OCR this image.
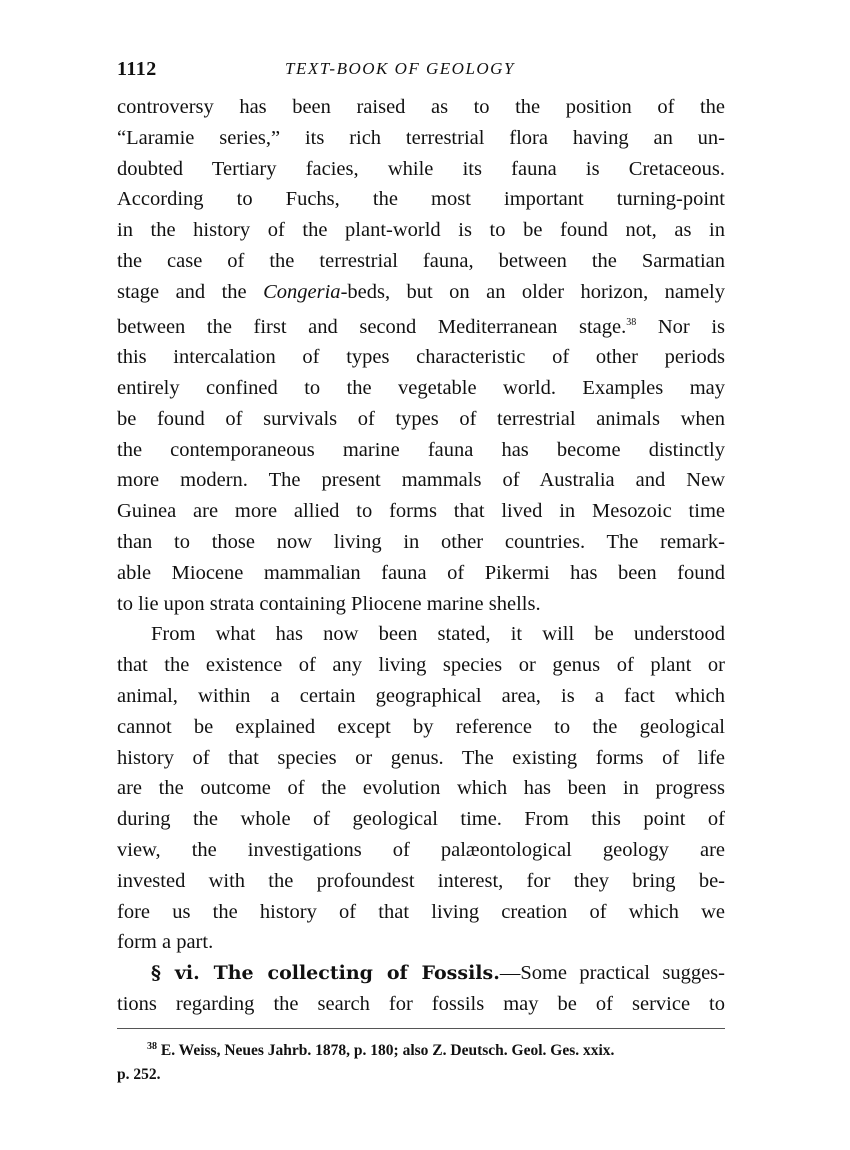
1112	TEXT-BOOK OF GEOLOGY
controversy has been raised as to the position of the
“Laramie series,” its rich terrestrial flora having an un-
doubted Tertiary facies, while its fauna is Cretaceous.
According to Fuchs, the most important turning-point
in the history of the plant-world is to be found not, as in
the case of the terrestrial fauna, between the Sarmatian
stage and the Congeria-beds, but on an older horizon, namely
between the first and second Mediterranean stage.$^{38}$ Nor is
this intercalation of types characteristic of other periods
entirely confined to the vegetable world. Examples may
be found of survivals of types of terrestrial animals when
the contemporaneous marine fauna has become distinctly
more modern. The present mammals of Australia and New
Guinea are more allied to forms that lived in Mesozoic time
than to those now living in other countries. The remark-
able Miocene mammalian fauna of Pikermi has been found
to lie upon strata containing Pliocene marine shells.
From what has now been stated, it will be understood
that the existence of any living species or genus of plant or
animal, within a certain geographical area, is a fact which
cannot be explained except by reference to the geological
history of that species or genus. The existing forms of life
are the outcome of the evolution which has been in progress
during the whole of geological time. From this point of
view, the investigations of palæontological geology are
invested with the profoundest interest, for they bring be-
fore us the history of that living creation of which we
form a part.
§ vi. The collecting of Fossils.—Some practical sugges-
tions regarding the search for fossils may be of service to
$^{38}$ E. Weiss, Neues Jahrb. 1878, p. 180; also Z. Deutsch. Geol. Ges. xxix.
p. 252.
